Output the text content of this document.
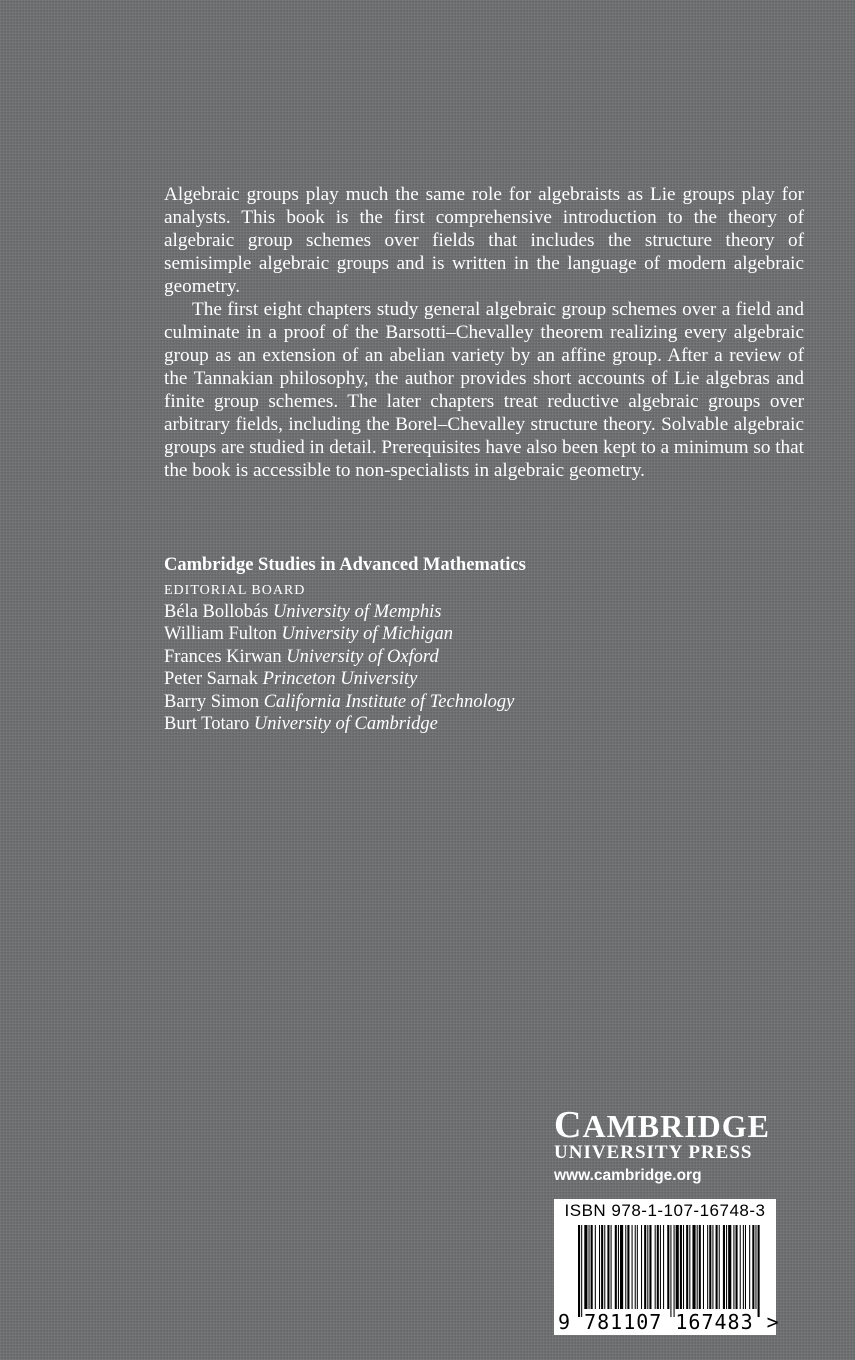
Algebraic groups play much the same role for algebraists as Lie groups play for analysts. This book is the first comprehensive introduction to the theory of algebraic group schemes over fields that includes the structure theory of semisimple algebraic groups and is written in the language of modern algebraic geometry.

The first eight chapters study general algebraic group schemes over a field and culminate in a proof of the Barsotti–Chevalley theorem realizing every algebraic group as an extension of an abelian variety by an affine group. After a review of the Tannakian philosophy, the author provides short accounts of Lie algebras and finite group schemes. The later chapters treat reductive algebraic groups over arbitrary fields, including the Borel–Chevalley structure theory. Solvable algebraic groups are studied in detail. Prerequisites have also been kept to a minimum so that the book is accessible to non-specialists in algebraic geometry.

Cambridge Studies in Advanced Mathematics
EDITORIAL BOARD
Béla Bollobás University of Memphis
William Fulton University of Michigan
Frances Kirwan University of Oxford
Peter Sarnak Princeton University
Barry Simon California Institute of Technology
Burt Totaro University of Cambridge
CAMBRIDGE
UNIVERSITY PRESS
www.cambridge.org
ISBN 978-1-107-16748-3
9 781107 167483 >
